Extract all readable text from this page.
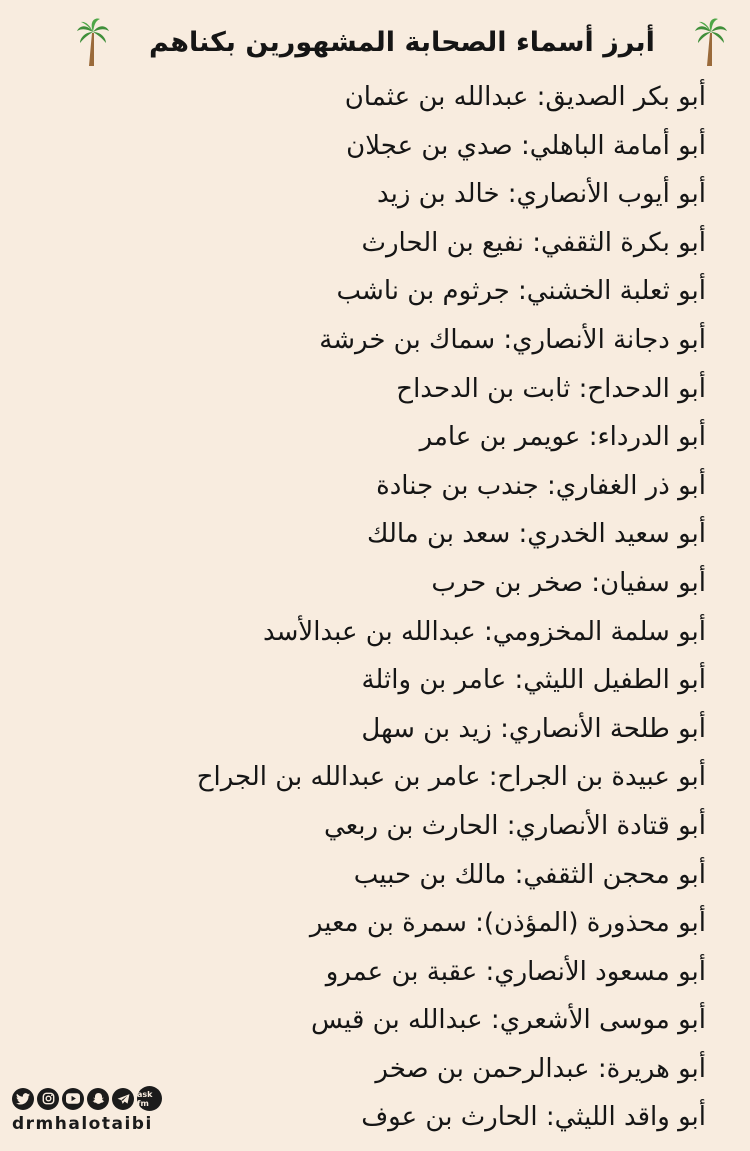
أبرز أسماء الصحابة المشهورين بكناهم
أبو بكر الصديق: عبدالله بن عثمان
أبو أمامة الباهلي: صدي بن عجلان
أبو أيوب الأنصاري: خالد بن زيد
أبو بكرة الثقفي: نفيع بن الحارث
أبو ثعلبة الخشني: جرثوم بن ناشب
أبو دجانة الأنصاري: سماك بن خرشة
أبو الدحداح: ثابت بن الدحداح
أبو الدرداء: عويمر بن عامر
أبو ذر الغفاري: جندب بن جنادة
أبو سعيد الخدري: سعد بن مالك
أبو سفيان: صخر بن حرب
أبو سلمة المخزومي: عبدالله بن عبدالأسد
أبو الطفيل الليثي: عامر بن واثلة
أبو طلحة الأنصاري: زيد بن سهل
أبو عبيدة بن الجراح: عامر بن عبدالله بن الجراح
أبو قتادة الأنصاري: الحارث بن ربعي
أبو محجن الثقفي: مالك بن حبيب
أبو محذورة (المؤذن): سمرة بن معير
أبو مسعود الأنصاري: عقبة بن عمرو
أبو موسى الأشعري: عبدالله بن قيس
أبو هريرة: عبدالرحمن بن صخر
أبو واقد الليثي: الحارث بن عوف
ask fm
drmhalotaibi
